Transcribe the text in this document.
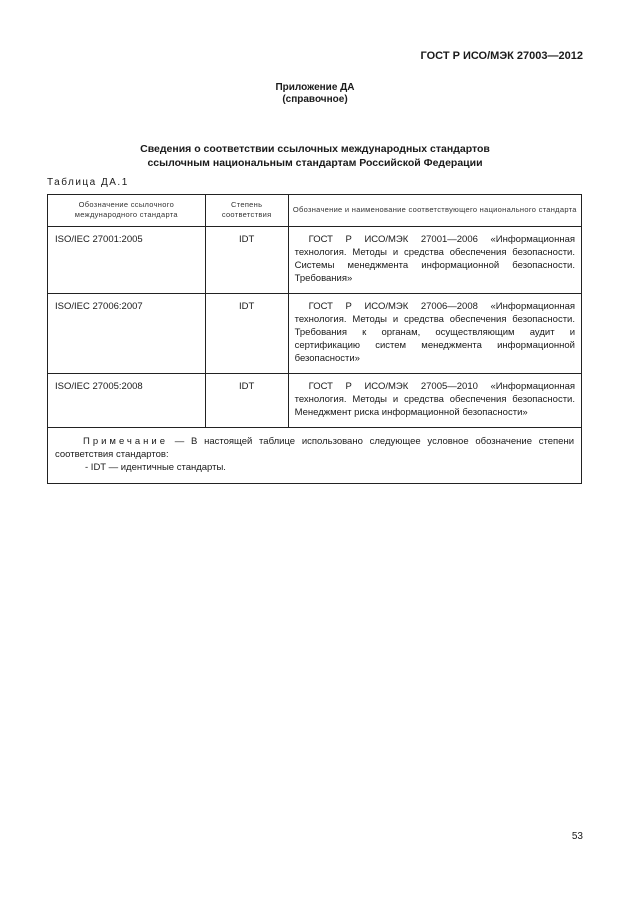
ГОСТ Р ИСО/МЭК 27003—2012
Приложение ДА
(справочное)
Сведения о соответствии ссылочных международных стандартов
ссылочным национальным стандартам Российской Федерации
Таблица ДА.1
Обозначение ссылочного международного стандарта	Степень соответствия	Обозначение и наименование соответствующего национального стандарта
ISO/IEC 27001:2005	IDT	ГОСТ Р ИСО/МЭК 27001—2006 «Информационная технология. Методы и средства обеспечения безопасности. Системы менеджмента информационной безопасности. Требования»
ISO/IEC 27006:2007	IDT	ГОСТ Р ИСО/МЭК 27006—2008 «Информационная технология. Методы и средства обеспечения безопасности. Требования к органам, осуществляющим аудит и сертификацию систем менеджмента информационной безопасности»
ISO/IEC 27005:2008	IDT	ГОСТ Р ИСО/МЭК 27005—2010 «Информационная технология. Методы и средства обеспечения безопасности. Менеджмент риска информационной безопасности»

Примечание — В настоящей таблице использовано следующее условное обозначение степени соответствия стандартов:

- IDT — идентичные стандарты.		

53
